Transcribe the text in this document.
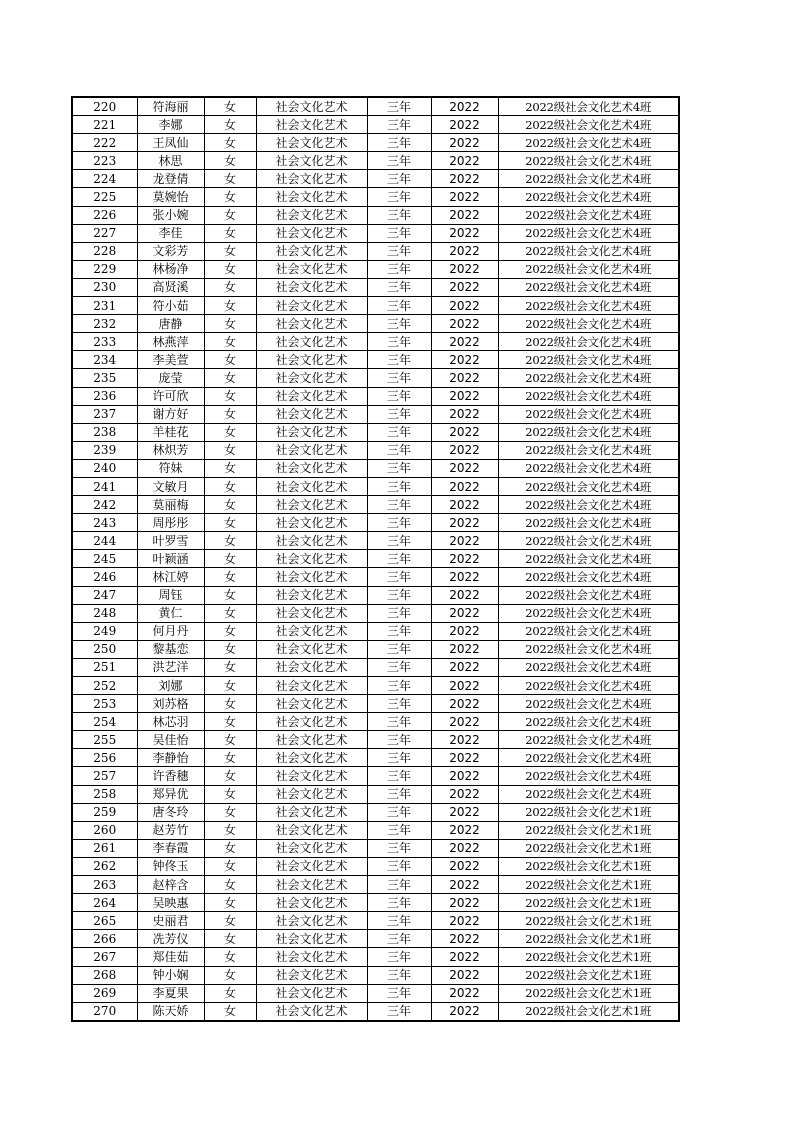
220	符海丽	女	社会文化艺术	三年	2022	2022级社会文化艺术4班
221	李娜	女	社会文化艺术	三年	2022	2022级社会文化艺术4班
222	王凤仙	女	社会文化艺术	三年	2022	2022级社会文化艺术4班
223	林思	女	社会文化艺术	三年	2022	2022级社会文化艺术4班
224	龙登倩	女	社会文化艺术	三年	2022	2022级社会文化艺术4班
225	莫婉怡	女	社会文化艺术	三年	2022	2022级社会文化艺术4班
226	张小婉	女	社会文化艺术	三年	2022	2022级社会文化艺术4班
227	李佳	女	社会文化艺术	三年	2022	2022级社会文化艺术4班
228	文彩芳	女	社会文化艺术	三年	2022	2022级社会文化艺术4班
229	林杨净	女	社会文化艺术	三年	2022	2022级社会文化艺术4班
230	高贤溪	女	社会文化艺术	三年	2022	2022级社会文化艺术4班
231	符小茹	女	社会文化艺术	三年	2022	2022级社会文化艺术4班
232	唐静	女	社会文化艺术	三年	2022	2022级社会文化艺术4班
233	林燕萍	女	社会文化艺术	三年	2022	2022级社会文化艺术4班
234	李美萱	女	社会文化艺术	三年	2022	2022级社会文化艺术4班
235	庞莹	女	社会文化艺术	三年	2022	2022级社会文化艺术4班
236	许可欣	女	社会文化艺术	三年	2022	2022级社会文化艺术4班
237	谢方好	女	社会文化艺术	三年	2022	2022级社会文化艺术4班
238	羊桂花	女	社会文化艺术	三年	2022	2022级社会文化艺术4班
239	林炽芳	女	社会文化艺术	三年	2022	2022级社会文化艺术4班
240	符妹	女	社会文化艺术	三年	2022	2022级社会文化艺术4班
241	文敏月	女	社会文化艺术	三年	2022	2022级社会文化艺术4班
242	莫丽梅	女	社会文化艺术	三年	2022	2022级社会文化艺术4班
243	周彤彤	女	社会文化艺术	三年	2022	2022级社会文化艺术4班
244	叶罗雪	女	社会文化艺术	三年	2022	2022级社会文化艺术4班
245	叶颖涵	女	社会文化艺术	三年	2022	2022级社会文化艺术4班
246	林江婷	女	社会文化艺术	三年	2022	2022级社会文化艺术4班
247	周钰	女	社会文化艺术	三年	2022	2022级社会文化艺术4班
248	黄仁	女	社会文化艺术	三年	2022	2022级社会文化艺术4班
249	何月丹	女	社会文化艺术	三年	2022	2022级社会文化艺术4班
250	黎基恋	女	社会文化艺术	三年	2022	2022级社会文化艺术4班
251	洪艺洋	女	社会文化艺术	三年	2022	2022级社会文化艺术4班
252	刘娜	女	社会文化艺术	三年	2022	2022级社会文化艺术4班
253	刘苏格	女	社会文化艺术	三年	2022	2022级社会文化艺术4班
254	林芯羽	女	社会文化艺术	三年	2022	2022级社会文化艺术4班
255	吴佳怡	女	社会文化艺术	三年	2022	2022级社会文化艺术4班
256	李静怡	女	社会文化艺术	三年	2022	2022级社会文化艺术4班
257	许香穗	女	社会文化艺术	三年	2022	2022级社会文化艺术4班
258	郑异优	女	社会文化艺术	三年	2022	2022级社会文化艺术4班
259	唐冬玲	女	社会文化艺术	三年	2022	2022级社会文化艺术1班
260	赵芳竹	女	社会文化艺术	三年	2022	2022级社会文化艺术1班
261	李春霞	女	社会文化艺术	三年	2022	2022级社会文化艺术1班
262	钟佟玉	女	社会文化艺术	三年	2022	2022级社会文化艺术1班
263	赵梓含	女	社会文化艺术	三年	2022	2022级社会文化艺术1班
264	吴映惠	女	社会文化艺术	三年	2022	2022级社会文化艺术1班
265	史丽君	女	社会文化艺术	三年	2022	2022级社会文化艺术1班
266	冼芳仪	女	社会文化艺术	三年	2022	2022级社会文化艺术1班
267	郑佳茹	女	社会文化艺术	三年	2022	2022级社会文化艺术1班
268	钟小娴	女	社会文化艺术	三年	2022	2022级社会文化艺术1班
269	李夏果	女	社会文化艺术	三年	2022	2022级社会文化艺术1班
270	陈天娇	女	社会文化艺术	三年	2022	2022级社会文化艺术1班
